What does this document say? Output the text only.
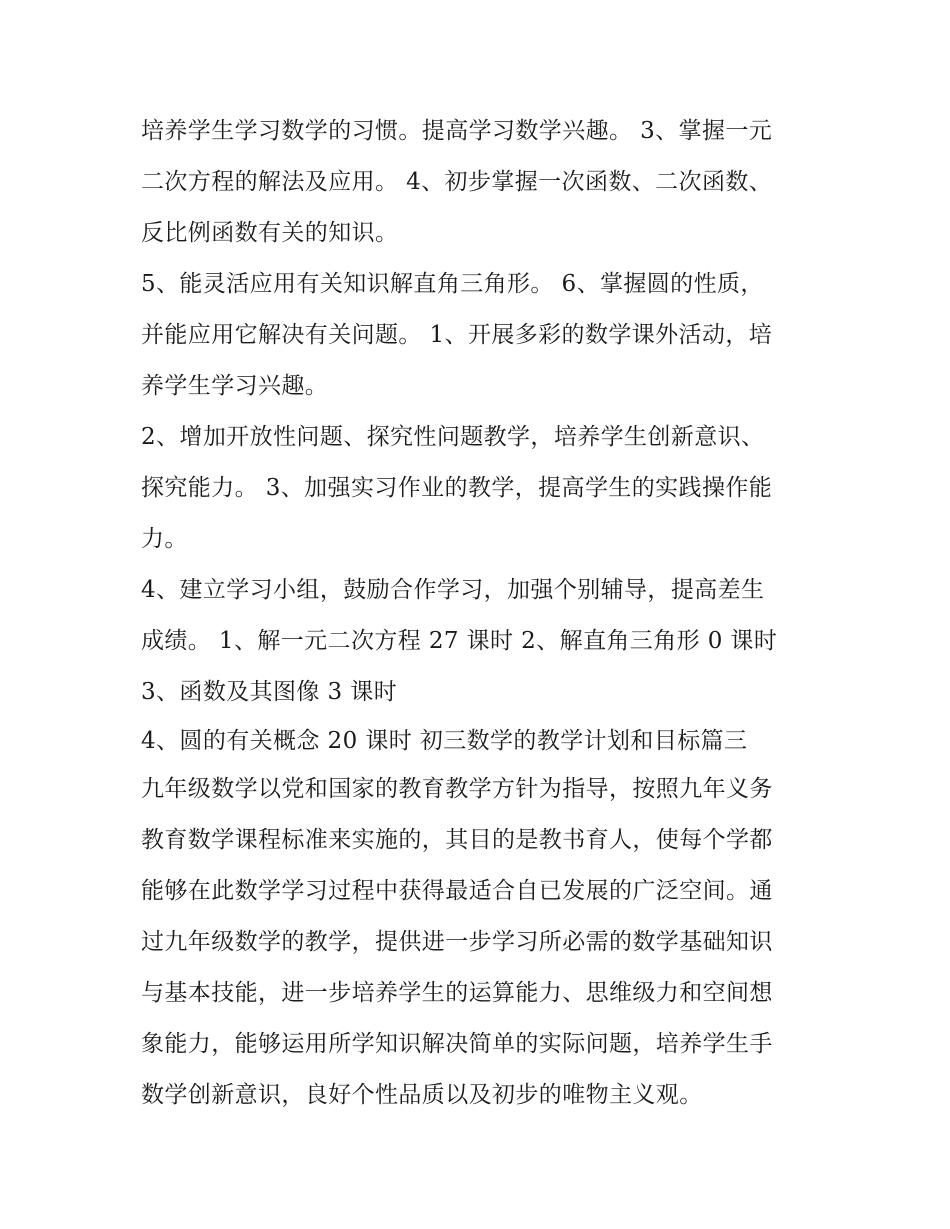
培养学生学习数学的习惯。提高学习数学兴趣。 3、掌握一元
二次方程的解法及应用。 4、初步掌握一次函数、二次函数、
反比例函数有关的知识。
5、能灵活应用有关知识解直角三角形。 6、掌握圆的性质，
并能应用它解决有关问题。 1、开展多彩的数学课外活动，培
养学生学习兴趣。
2、增加开放性问题、探究性问题教学，培养学生创新意识、
探究能力。 3、加强实习作业的教学，提高学生的实践操作能
力。
4、建立学习小组，鼓励合作学习，加强个别辅导，提高差生
成绩。 1、解一元二次方程 27 课时 2、解直角三角形 0 课时
3、函数及其图像 3 课时
4、圆的有关概念 20 课时 初三数学的教学计划和目标篇三
九年级数学以党和国家的教育教学方针为指导，按照九年义务
教育数学课程标准来实施的，其目的是教书育人，使每个学都
能够在此数学学习过程中获得最适合自已发展的广泛空间。通
过九年级数学的教学，提供进一步学习所必需的数学基础知识
与基本技能，进一步培养学生的运算能力、思维级力和空间想
象能力，能够运用所学知识解决简单的实际问题，培养学生手
数学创新意识，良好个性品质以及初步的唯物主义观。
